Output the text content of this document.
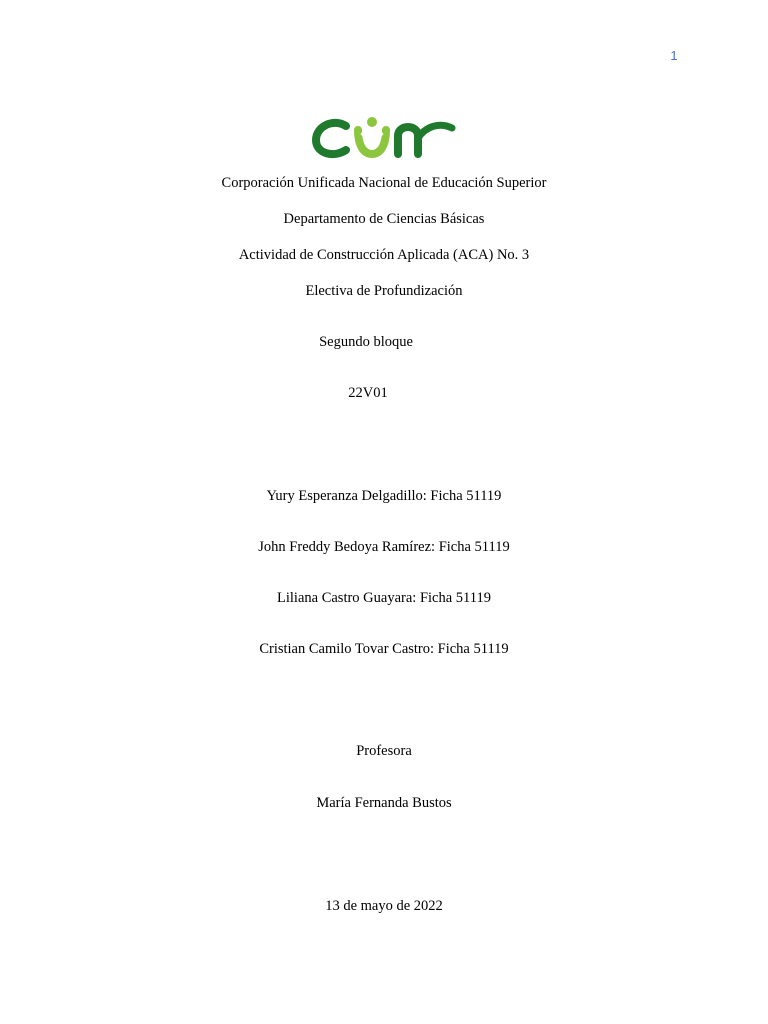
1
Corporación Unificada Nacional de Educación Superior
Departamento de Ciencias Básicas
Actividad de Construcción Aplicada (ACA) No. 3
Electiva de Profundización
Segundo bloque
22V01
Yury Esperanza Delgadillo: Ficha 51119
John Freddy Bedoya Ramírez: Ficha 51119
Liliana Castro Guayara: Ficha 51119
Cristian Camilo Tovar Castro: Ficha 51119
Profesora
María Fernanda Bustos
13 de mayo de 2022
